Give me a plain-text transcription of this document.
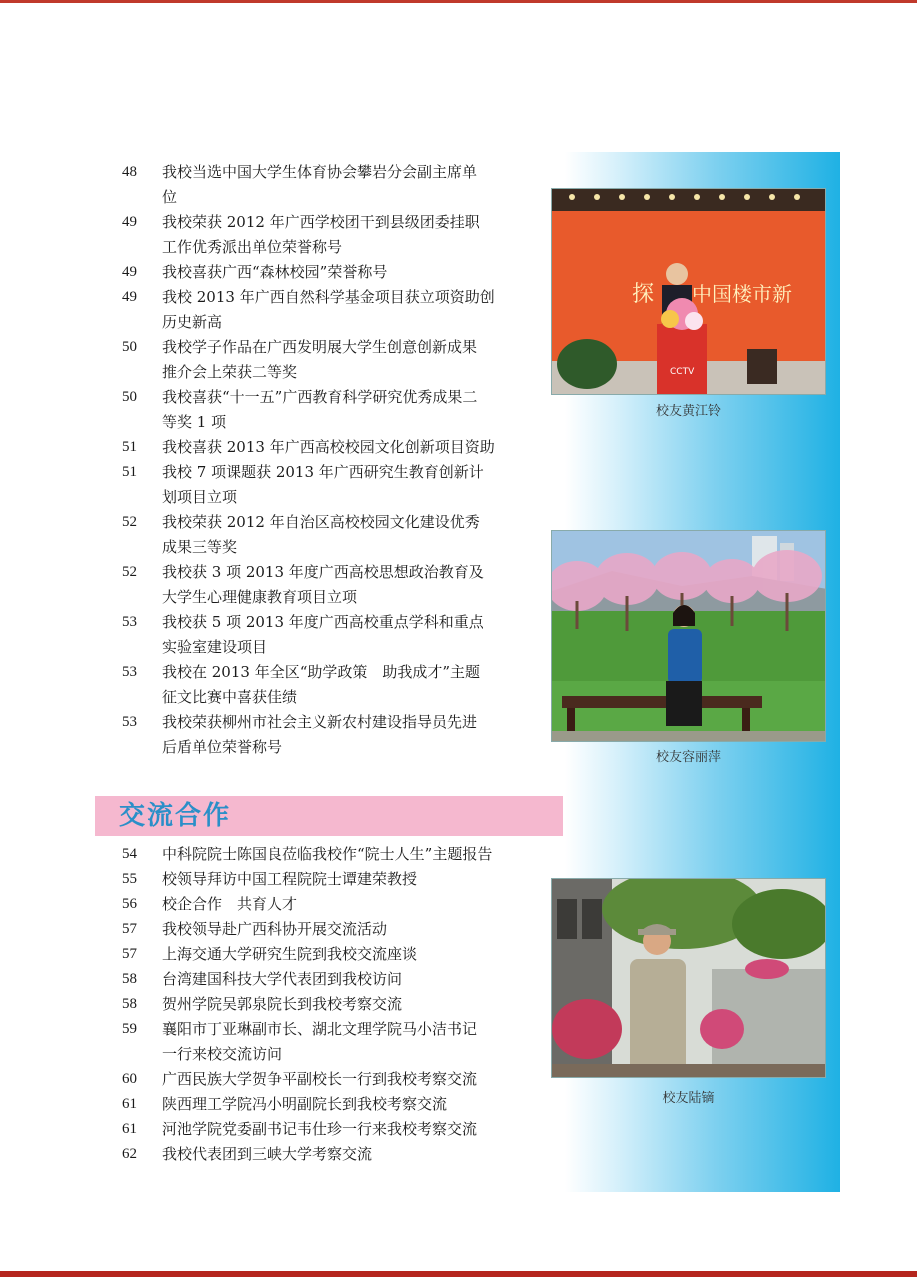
48	我校当选中国大学生体育协会攀岩分会副主席单
位
49	我校荣获 2012 年广西学校团干到县级团委挂职
工作优秀派出单位荣誉称号
49	我校喜获广西“森林校园”荣誉称号
49	我校 2013 年广西自然科学基金项目获立项资助创
历史新高
50	我校学子作品在广西发明展大学生创意创新成果
推介会上荣获二等奖
50	我校喜获“十一五”广西教育科学研究优秀成果二
等奖 1 项
51	我校喜获 2013 年广西高校校园文化创新项目资助
51	我校 7 项课题获 2013 年广西研究生教育创新计
划项目立项
52	我校荣获 2012 年自治区高校校园文化建设优秀
成果三等奖
52	我校获 3 项 2013 年度广西高校思想政治教育及
大学生心理健康教育项目立项
53	我校获 5 项 2013 年度广西高校重点学科和重点
实验室建设项目
53	我校在 2013 年全区“助学政策　助我成才”主题
征文比赛中喜获佳绩
53	我校荣获柳州市社会主义新农村建设指导员先进
后盾单位荣誉称号
交流合作
54	中科院院士陈国良莅临我校作“院士人生”主题报告
55	校领导拜访中国工程院院士谭建荣教授
56	校企合作　共育人才
57	我校领导赴广西科协开展交流活动
57	上海交通大学研究生院到我校交流座谈
58	台湾建国科技大学代表团到我校访问
58	贺州学院吴郭泉院长到我校考察交流
59	襄阳市丁亚琳副市长、湖北文理学院马小洁书记
一行来校交流访问
60	广西民族大学贺争平副校长一行到我校考察交流
61	陕西理工学院冯小明副院长到我校考察交流
61	河池学院党委副书记韦仕珍一行来我校考察交流
62	我校代表团到三峡大学考察交流
探 中国楼市新
CCTV
校友黄江铃
校友容丽萍
校友陆镝
